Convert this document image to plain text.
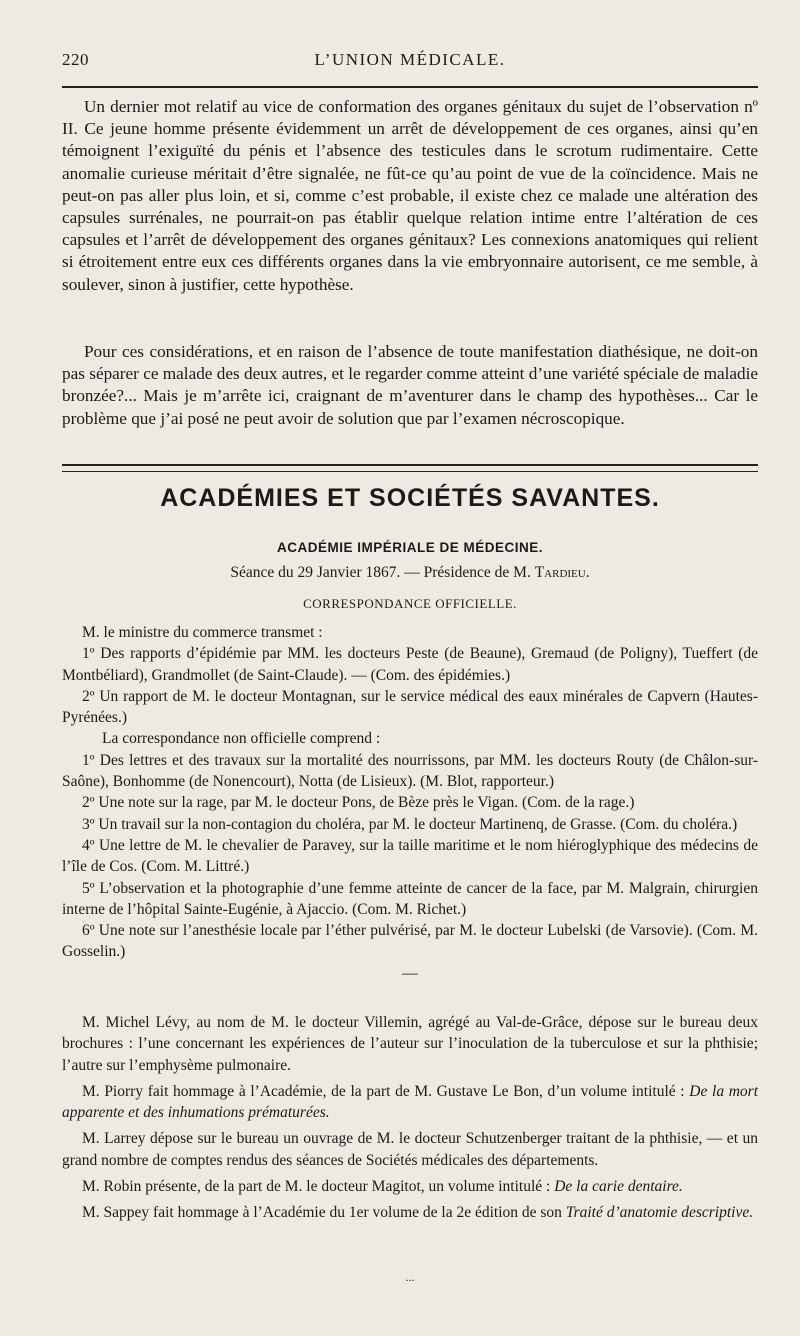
220	L’UNION MÉDICALE.

Un dernier mot relatif au vice de conformation des organes génitaux du sujet de l’observation nº II. Ce jeune homme présente évidemment un arrêt de développement de ces organes, ainsi qu’en témoignent l’exiguïté du pénis et l’absence des testicules dans le scrotum rudimentaire. Cette anomalie curieuse méritait d’être signalée, ne fût-ce qu’au point de vue de la coïncidence. Mais ne peut-on pas aller plus loin, et si, comme c’est probable, il existe chez ce malade une altération des capsules surrénales, ne pourrait-on pas établir quelque relation intime entre l’altération de ces capsules et l’arrêt de développement des organes génitaux? Les connexions anatomiques qui relient si étroitement entre eux ces différents organes dans la vie embryonnaire autorisent, ce me semble, à soulever, sinon à justifier, cette hypothèse.

Pour ces considérations, et en raison de l’absence de toute manifestation diathésique, ne doit-on pas séparer ce malade des deux autres, et le regarder comme atteint d’une variété spéciale de maladie bronzée?... Mais je m’arrête ici, craignant de m’aventurer dans le champ des hypothèses... Car le problème que j’ai posé ne peut avoir de solution que par l’examen nécroscopique.

ACADÉMIES ET SOCIÉTÉS SAVANTES.
ACADÉMIE IMPÉRIALE DE MÉDECINE.
Séance du 29 Janvier 1867. — Présidence de M. Tardieu.
CORRESPONDANCE OFFICIELLE.

M. le ministre du commerce transmet :

1º Des rapports d’épidémie par MM. les docteurs Peste (de Beaune), Gremaud (de Poligny), Tueffert (de Montbéliard), Grandmollet (de Saint-Claude). — (Com. des épidémies.)

2º Un rapport de M. le docteur Montagnan, sur le service médical des eaux minérales de Capvern (Hautes-Pyrénées.)

La correspondance non officielle comprend :

1º Des lettres et des travaux sur la mortalité des nourrissons, par MM. les docteurs Routy (de Châlon-sur-Saône), Bonhomme (de Nonencourt), Notta (de Lisieux). (M. Blot, rapporteur.)

2º Une note sur la rage, par M. le docteur Pons, de Bèze près le Vigan. (Com. de la rage.)

3º Un travail sur la non-contagion du choléra, par M. le docteur Martinenq, de Grasse. (Com. du choléra.)

4º Une lettre de M. le chevalier de Paravey, sur la taille maritime et le nom hiéroglyphique des médecins de l’île de Cos. (Com. M. Littré.)

5º L’observation et la photographie d’une femme atteinte de cancer de la face, par M. Malgrain, chirurgien interne de l’hôpital Sainte-Eugénie, à Ajaccio. (Com. M. Richet.)

6º Une note sur l’anesthésie locale par l’éther pulvérisé, par M. le docteur Lubelski (de Varsovie). (Com. M. Gosselin.)

—

M. Michel Lévy, au nom de M. le docteur Villemin, agrégé au Val-de-Grâce, dépose sur le bureau deux brochures : l’une concernant les expériences de l’auteur sur l’inoculation de la tuberculose et sur la phthisie; l’autre sur l’emphysème pulmonaire.

M. Piorry fait hommage à l’Académie, de la part de M. Gustave Le Bon, d’un volume intitulé : De la mort apparente et des inhumations prématurées.

M. Larrey dépose sur le bureau un ouvrage de M. le docteur Schutzenberger traitant de la phthisie, — et un grand nombre de comptes rendus des séances de Sociétés médicales des départements.

M. Robin présente, de la part de M. le docteur Magitot, un volume intitulé : De la carie dentaire.

M. Sappey fait hommage à l’Académie du 1er volume de la 2e édition de son Traité d’anatomie descriptive.

...
